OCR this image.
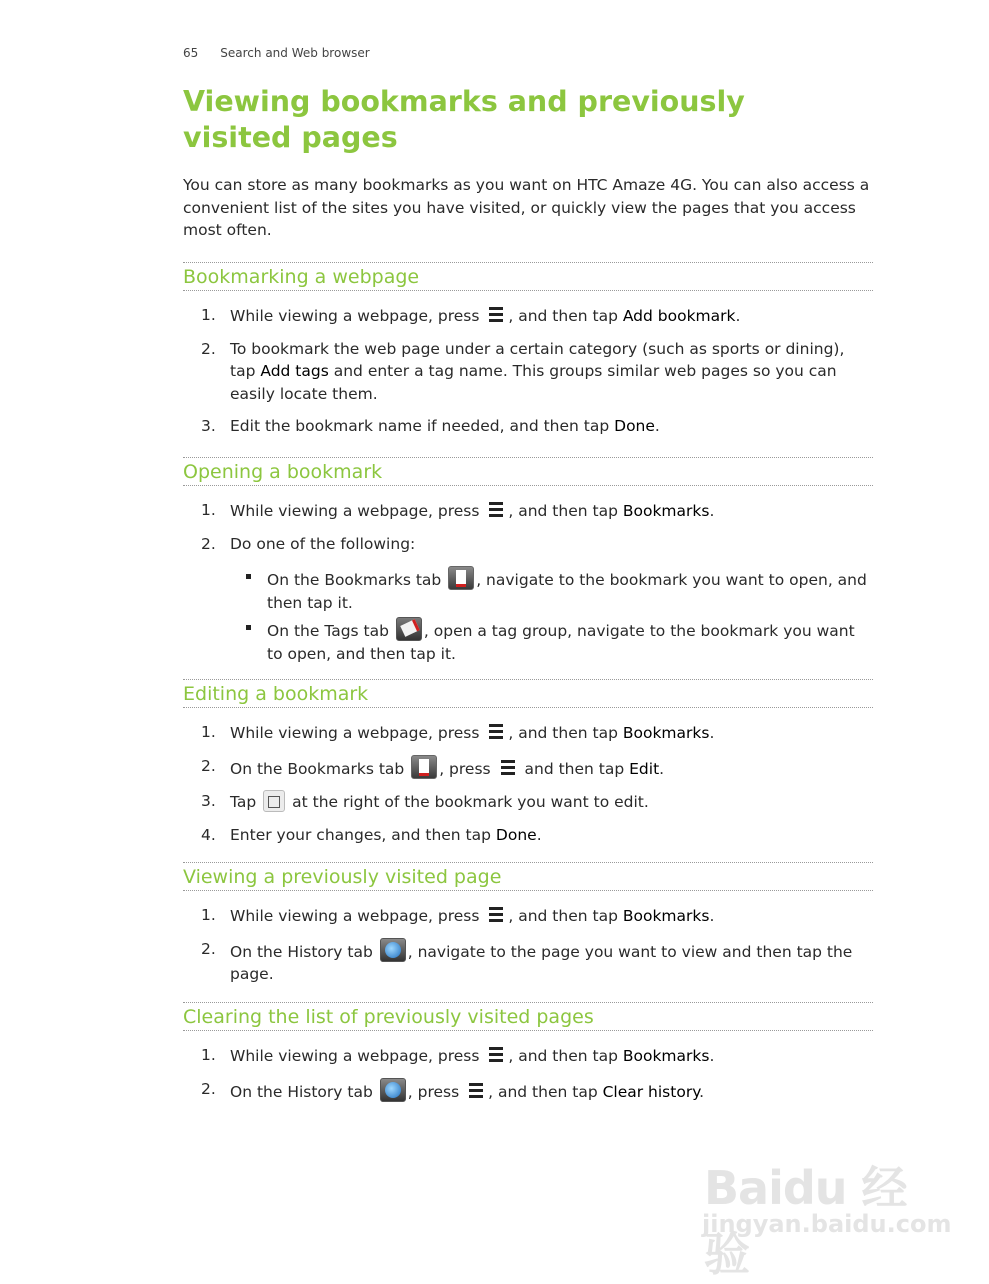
65 Search and Web browser
Viewing bookmarks and previously visited pages

You can store as many bookmarks as you want on HTC Amaze 4G. You can also access a convenient list of the sites you have visited, or quickly view the pages that you access most often.

Bookmarking a webpage
1. While viewing a webpage, press , and then tap Add bookmark.
2. To bookmark the web page under a certain category (such as sports or dining), tap Add tags and enter a tag name. This groups similar web pages so you can easily locate them.
3. Edit the bookmark name if needed, and then tap Done.
Opening a bookmark
1. While viewing a webpage, press , and then tap Bookmarks.
2. Do one of the following:
On the Bookmarks tab , navigate to the bookmark you want to open, and then tap it.
On the Tags tab , open a tag group, navigate to the bookmark you want to open, and then tap it.
Editing a bookmark
1. While viewing a webpage, press , and then tap Bookmarks.
2. On the Bookmarks tab , press and then tap Edit.
3. Tap at the right of the bookmark you want to edit.
4. Enter your changes, and then tap Done.
Viewing a previously visited page
1. While viewing a webpage, press , and then tap Bookmarks.
2. On the History tab , navigate to the page you want to view and then tap the page.
Clearing the list of previously visited pages
1. While viewing a webpage, press , and then tap Bookmarks.
2. On the History tab , press , and then tap Clear history.
Baidu 经验
jingyan.baidu.com
